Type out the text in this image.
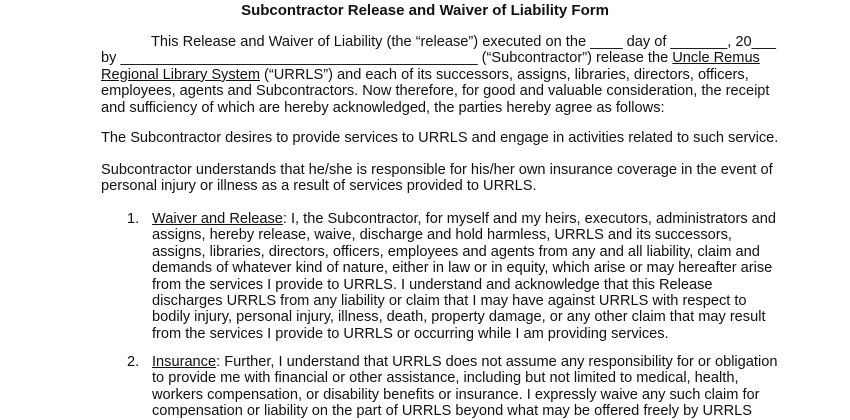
Subcontractor Release and Waiver of Liability Form

This Release and Waiver of Liability (the “release”) executed on the ____ day of _______, 20___
by ____________________________________________ (“Subcontractor”) release the Uncle Remus
Regional Library System (“URRLS”) and each of its successors, assigns, libraries, directors, officers,
employees, agents and Subcontractors. Now therefore, for good and valuable consideration, the receipt
and sufficiency of which are hereby acknowledged, the parties hereby agree as follows:

The Subcontractor desires to provide services to URRLS and engage in activities related to such service.

Subcontractor understands that he/she is responsible for his/her own insurance coverage in the event of
personal injury or illness as a result of services provided to URRLS.

1. Waiver and Release: I, the Subcontractor, for myself and my heirs, executors, administrators and
assigns, hereby release, waive, discharge and hold harmless, URRLS and its successors,
assigns, libraries, directors, officers, employees and agents from any and all liability, claim and
demands of whatever kind of nature, either in law or in equity, which arise or may hereafter arise
from the services I provide to URRLS. I understand and acknowledge that this Release
discharges URRLS from any liability or claim that I may have against URRLS with respect to
bodily injury, personal injury, illness, death, property damage, or any other claim that may result
from the services I provide to URRLS or occurring while I am providing services.
2. Insurance: Further, I understand that URRLS does not assume any responsibility for or obligation
to provide me with financial or other assistance, including but not limited to medical, health,
workers compensation, or disability benefits or insurance. I expressly waive any such claim for
compensation or liability on the part of URRLS beyond what may be offered freely by URRLS
